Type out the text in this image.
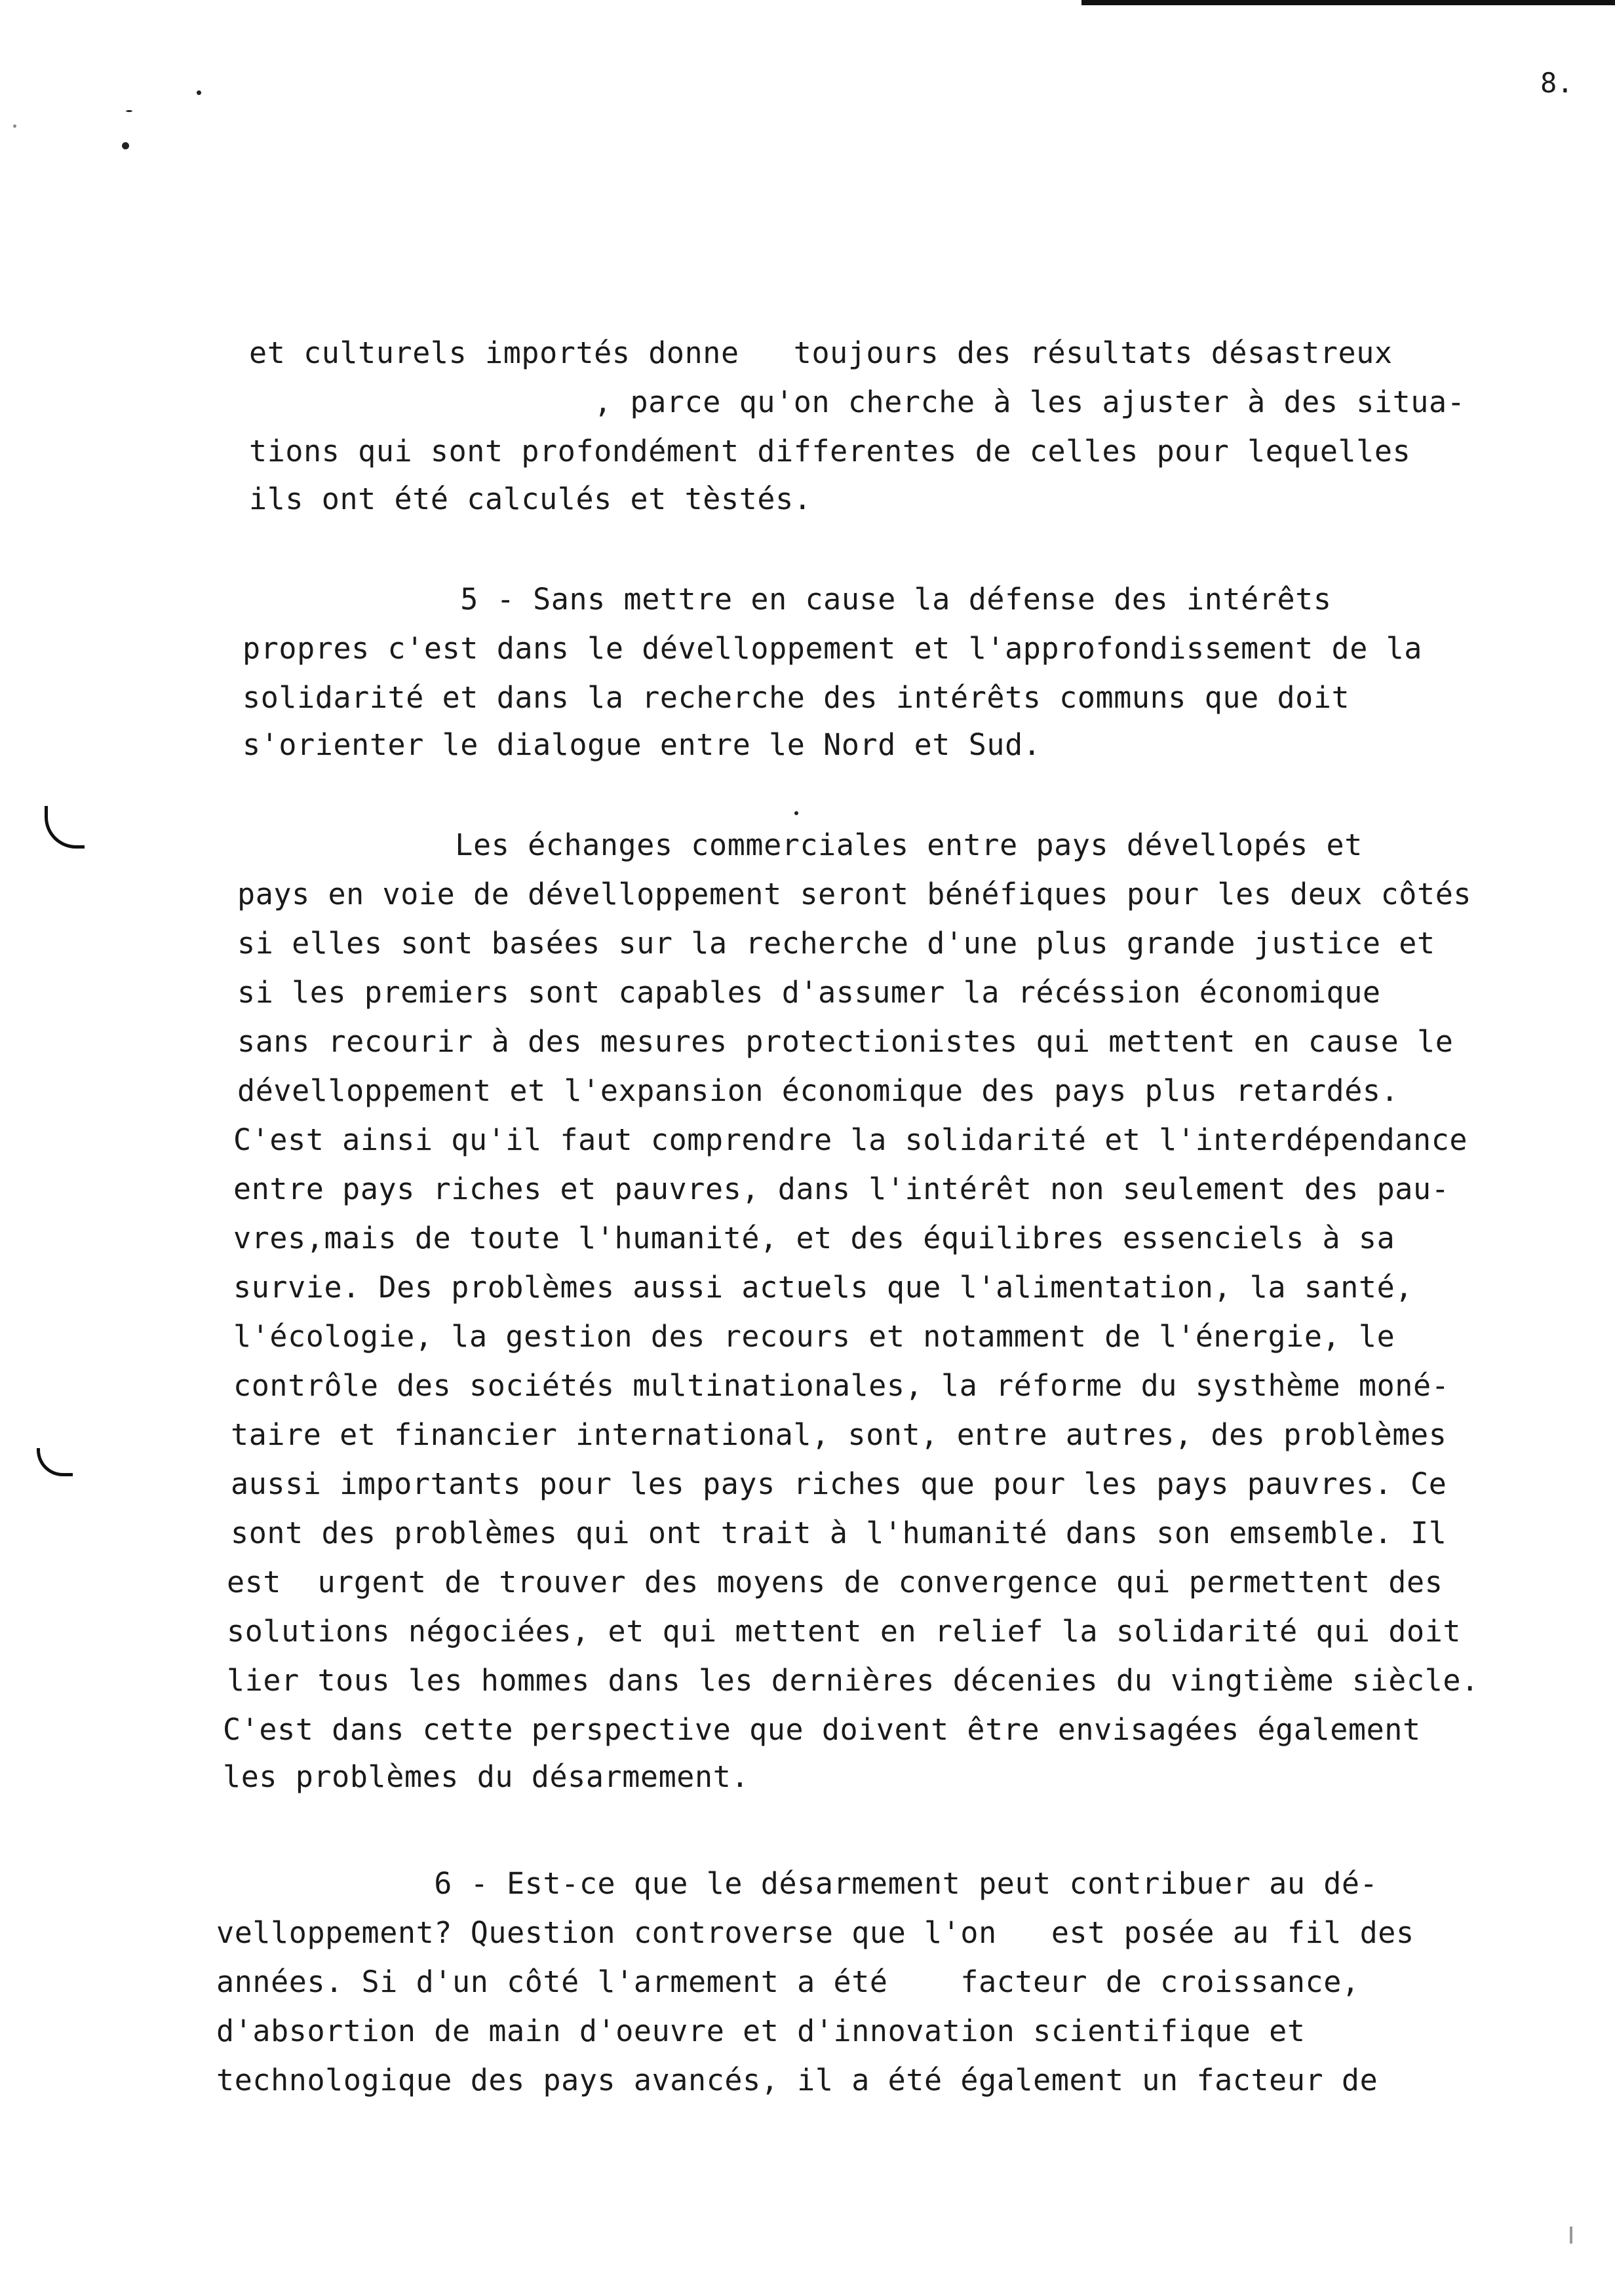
8.
et culturels importés donne   toujours des résultats désastreux
, parce qu'on cherche à les ajuster à des situa-
tions qui sont profondément differentes de celles pour lequelles
ils ont été calculés et tèstés.
5 - Sans mettre en cause la défense des intérêts
propres c'est dans le dévelloppement et l'approfondissement de la
solidarité et dans la recherche des intérêts communs que doit
s'orienter le dialogue entre le Nord et Sud.
Les échanges commerciales entre pays dévellopés et
pays en voie de dévelloppement seront bénéfiques pour les deux côtés
si elles sont basées sur la recherche d'une plus grande justice et
si les premiers sont capables d'assumer la récéssion économique
sans recourir à des mesures protectionistes qui mettent en cause le
dévelloppement et l'expansion économique des pays plus retardés.
C'est ainsi qu'il faut comprendre la solidarité et l'interdépendance
entre pays riches et pauvres, dans l'intérêt non seulement des pau-
vres,mais de toute l'humanité, et des équilibres essenciels à sa
survie. Des problèmes aussi actuels que l'alimentation, la santé,
l'écologie, la gestion des recours et notamment de l'énergie, le
contrôle des sociétés multinationales, la réforme du systhème moné-
taire et financier international, sont, entre autres, des problèmes
aussi importants pour les pays riches que pour les pays pauvres. Ce
sont des problèmes qui ont trait à l'humanité dans son emsemble. Il
est  urgent de trouver des moyens de convergence qui permettent des
solutions négociées, et qui mettent en relief la solidarité qui doit
lier tous les hommes dans les dernières décenies du vingtième siècle.
C'est dans cette perspective que doivent être envisagées également
les problèmes du désarmement.
6 - Est-ce que le désarmement peut contribuer au dé-
velloppement? Question controverse que l'on   est posée au fil des
années. Si d'un côté l'armement a été    facteur de croissance,
d'absortion de main d'oeuvre et d'innovation scientifique et
technologique des pays avancés, il a été également un facteur de
